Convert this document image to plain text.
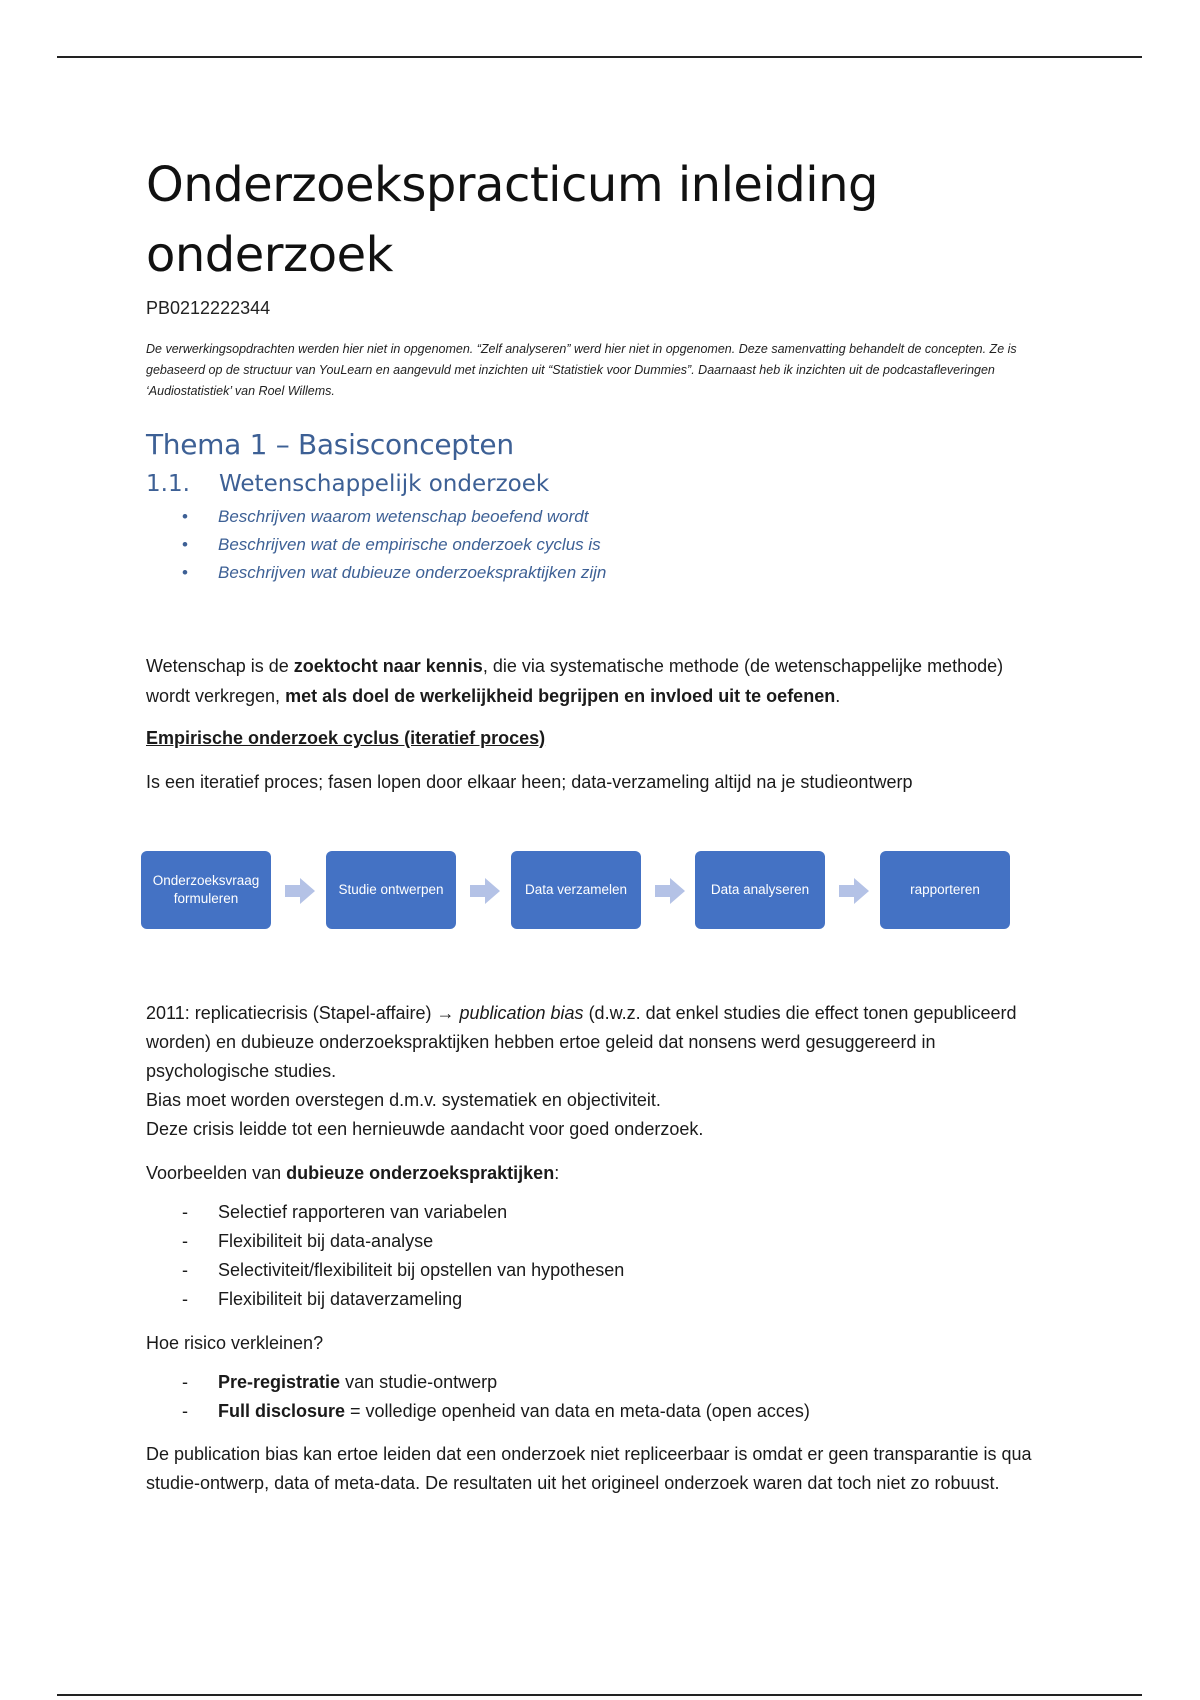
Onderzoekspracticum inleiding
onderzoek
PB0212222344
De verwerkingsopdrachten werden hier niet in opgenomen. “Zelf analyseren” werd hier niet in opgenomen. Deze samenvatting behandelt de concepten. Ze is gebaseerd op de structuur van YouLearn en aangevuld met inzichten uit “Statistiek voor Dummies”. Daarnaast heb ik inzichten uit de podcastafleveringen ‘Audiostatistiek’ van Roel Willems.
Thema 1 – Basisconcepten
1.1.	Wetenschappelijk onderzoek
• Beschrijven waarom wetenschap beoefend wordt
• Beschrijven wat de empirische onderzoek cyclus is
• Beschrijven wat dubieuze onderzoekspraktijken zijn

Wetenschap is de zoektocht naar kennis, die via systematische methode (de wetenschappelijke methode) wordt verkregen, met als doel de werkelijkheid begrijpen en invloed uit te oefenen.

Empirische onderzoek cyclus (iteratief proces)

Is een iteratief proces; fasen lopen door elkaar heen; data-verzameling altijd na je studieontwerp

Onderzoeksvraag formuleren
Studie ontwerpen	Data verzamelen	Data analyseren	rapporteren

2011: replicatiecrisis (Stapel-affaire) → publication bias (d.w.z. dat enkel studies die effect tonen gepubliceerd worden) en dubieuze onderzoekspraktijken hebben ertoe geleid dat nonsens werd gesuggereerd in psychologische studies.
Bias moet worden overstegen d.m.v. systematiek en objectiviteit.
Deze crisis leidde tot een hernieuwde aandacht voor goed onderzoek.

Voorbeelden van dubieuze onderzoekspraktijken:

- Selectief rapporteren van variabelen
- Flexibiliteit bij data-analyse
- Selectiviteit/flexibiliteit bij opstellen van hypothesen
- Flexibiliteit bij dataverzameling

Hoe risico verkleinen?

- Pre-registratie van studie-ontwerp
- Full disclosure = volledige openheid van data en meta-data (open acces)

De publication bias kan ertoe leiden dat een onderzoek niet repliceerbaar is omdat er geen transparantie is qua studie-ontwerp, data of meta-data. De resultaten uit het origineel onderzoek waren dat toch niet zo robuust.
